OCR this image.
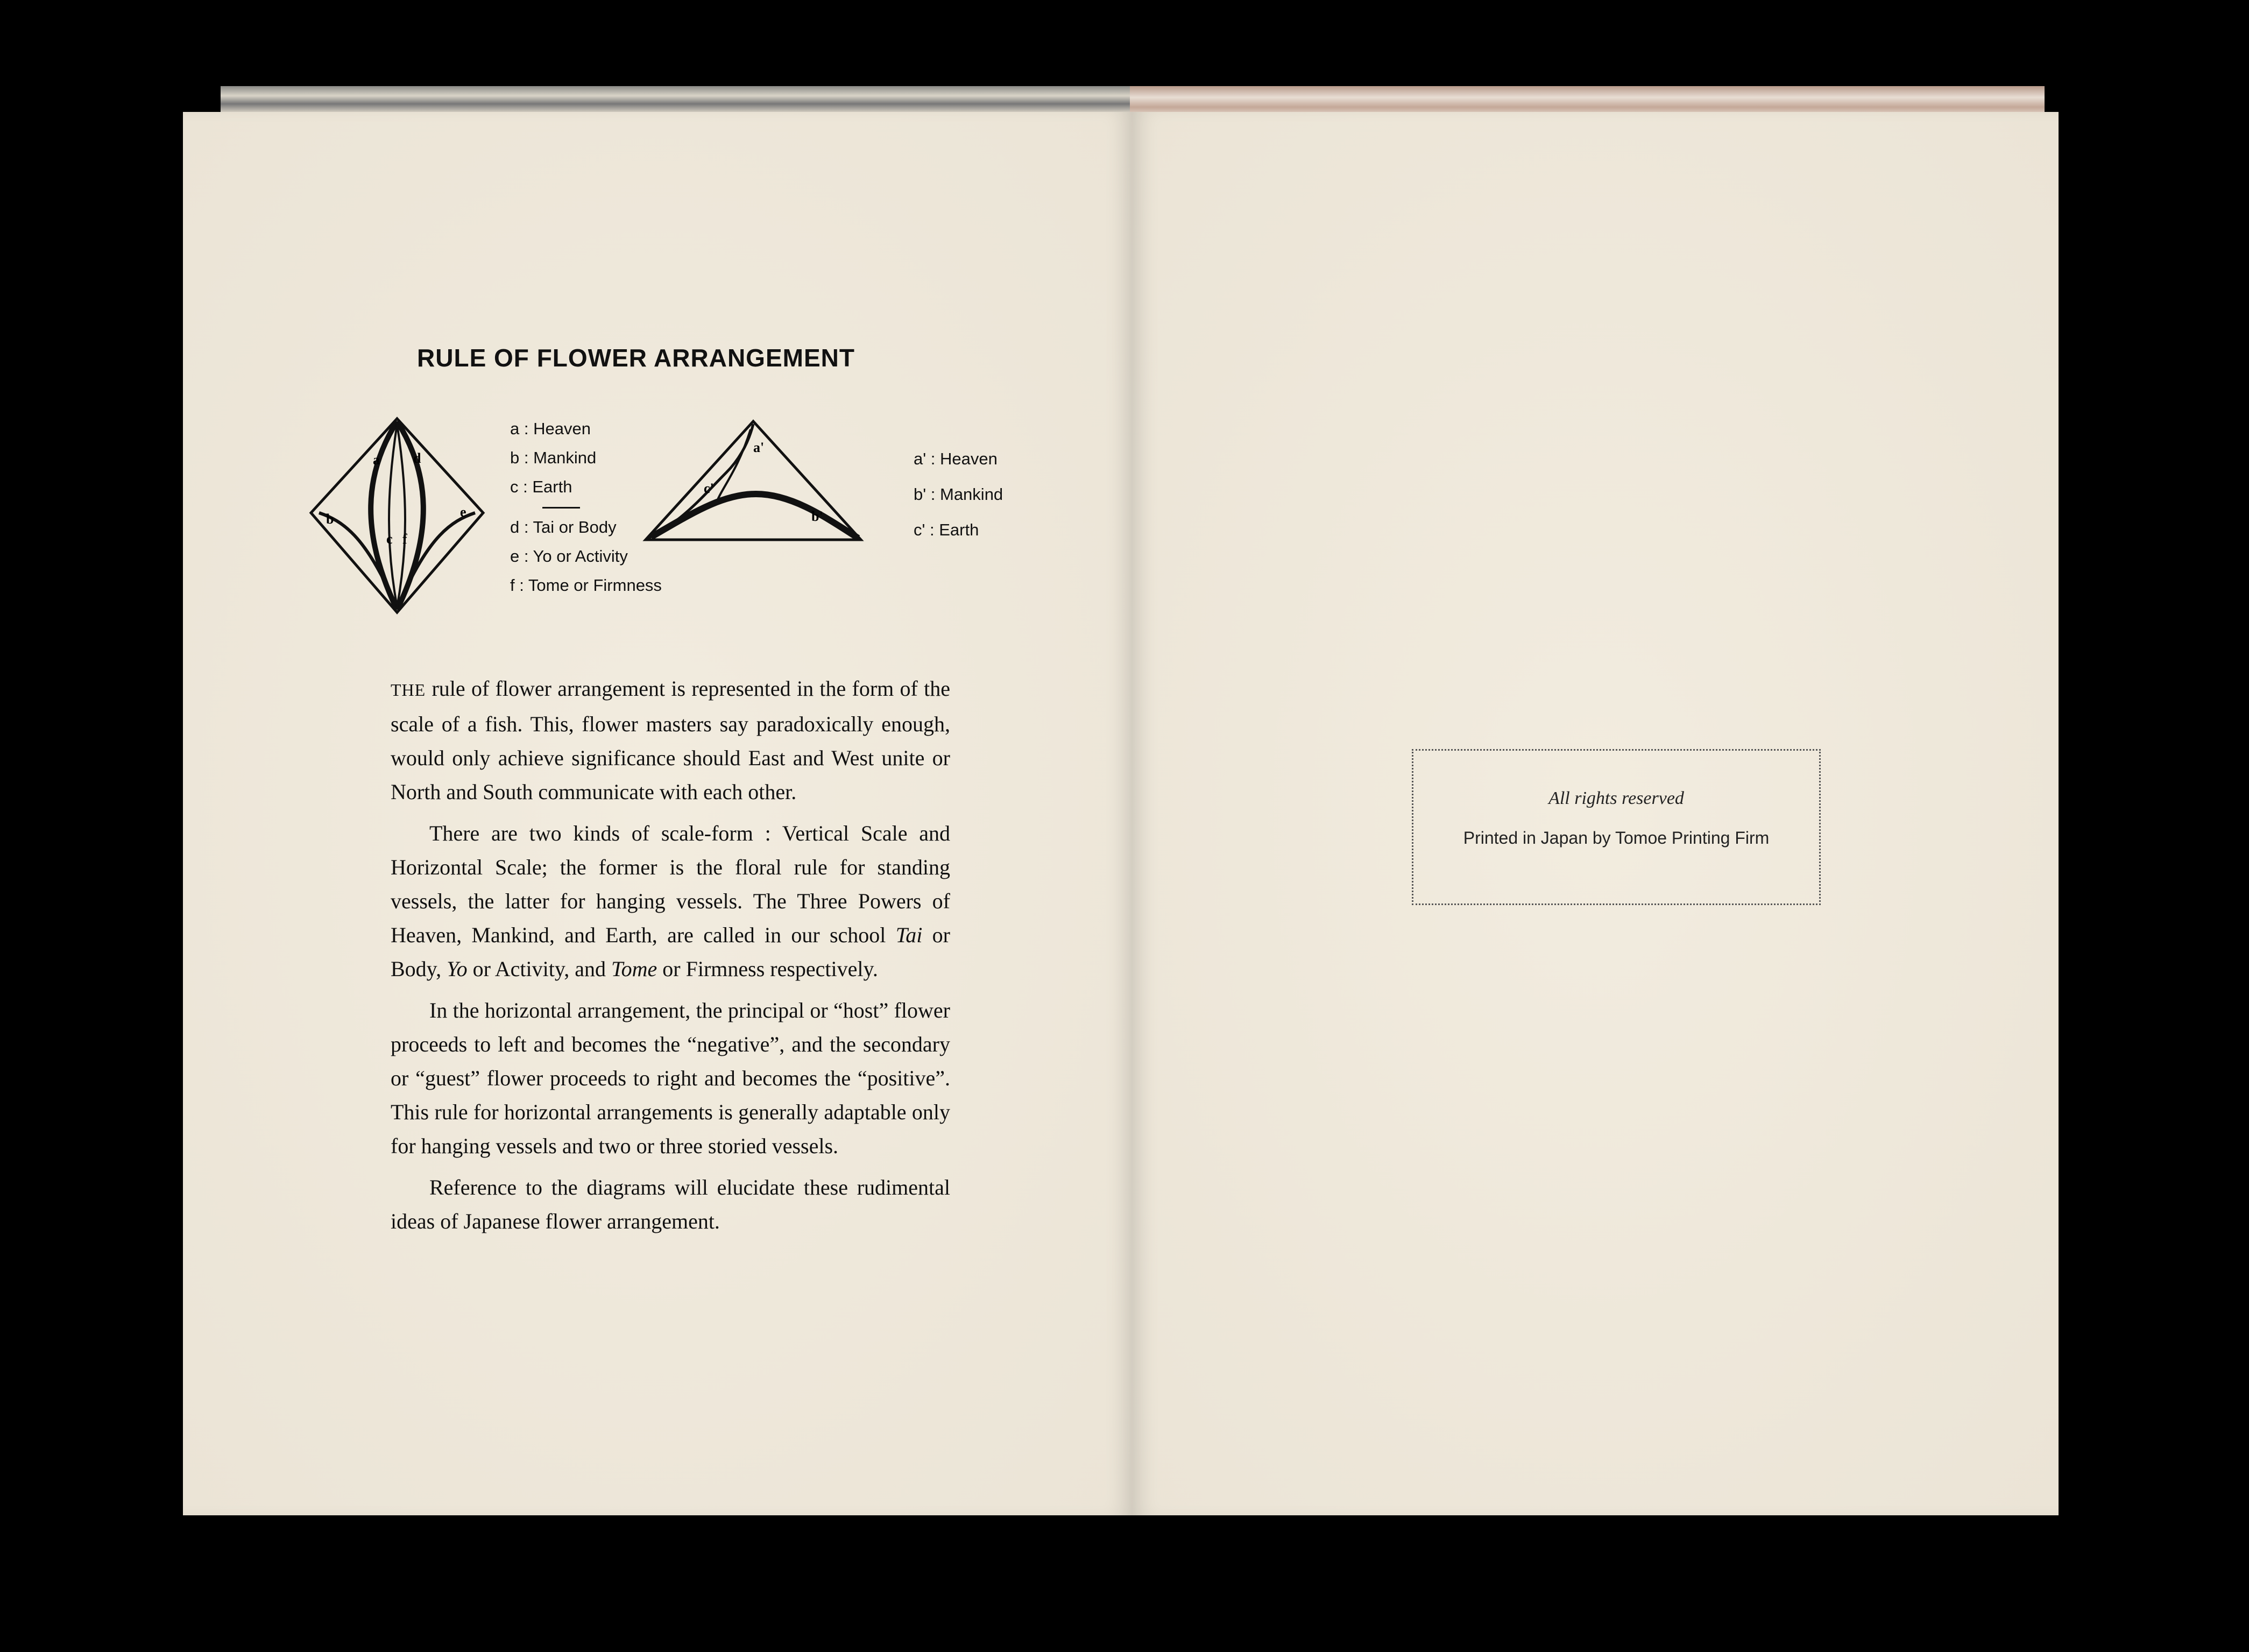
RULE OF FLOWER ARRANGEMENT
a d
b	e
c f
a : Heaven
b : Mankind
c : Earth
d : Tai or Body
e : Yo or Activity
f : Tome or Firmness
a'
c'
b'
a' : Heaven
b' : Mankind
c' : Earth

THE rule of flower arrangement is represented in the form of the scale of a fish. This, flower masters say paradoxically enough, would only achieve significance should East and West unite or North and South communicate with each other.

There are two kinds of scale-form : Vertical Scale and Horizontal Scale; the former is the floral rule for standing vessels, the latter for hanging vessels. The Three Powers of Heaven, Mankind, and Earth, are called in our school Tai or Body, Yo or Activity, and Tome or Firmness respectively.

In the horizontal arrangement, the principal or “host” flower proceeds to left and becomes the “negative”, and the secondary or “guest” flower proceeds to right and becomes the “positive”. This rule for horizontal arrangements is generally adaptable only for hanging vessels and two or three storied vessels.

Reference to the diagrams will elucidate these rudimental ideas of Japanese flower arrangement.

All rights reserved
Printed in Japan by Tomoe Printing Firm
